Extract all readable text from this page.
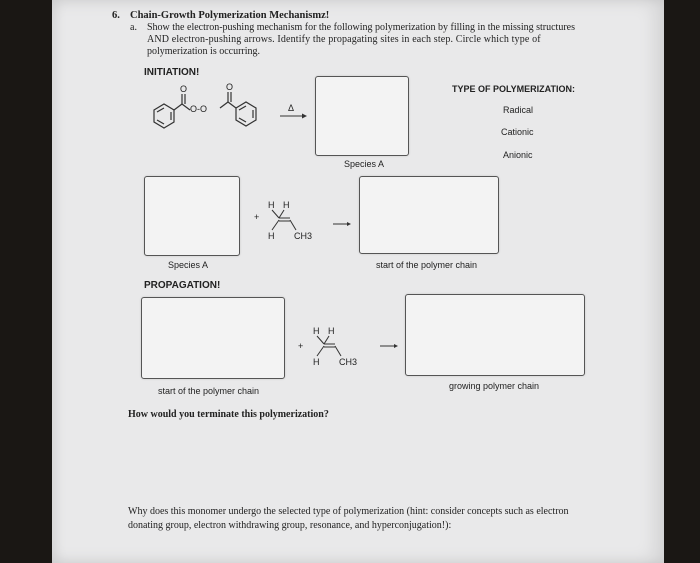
6. Chain-Growth Polymerization Mechanismz!
a. Show the electron-pushing mechanism for the following polymerization by filling in the missing structures
AND electron-pushing arrows. Identify the propagating sites in each step. Circle which type of
polymerization is occurring.
INITIATION!
O	O
O-O	Δ
Species A
TYPE OF POLYMERIZATION:
Radical
Cationic
Anionic
Species A
+
H H
H CH3
start of the polymer chain
PROPAGATION!
start of the polymer chain
+
H H
H CH3
growing polymer chain
How would you terminate this polymerization?
Why does this monomer undergo the selected type of polymerization (hint: consider concepts such as electron
donating group, electron withdrawing group, resonance, and hyperconjugation!):
